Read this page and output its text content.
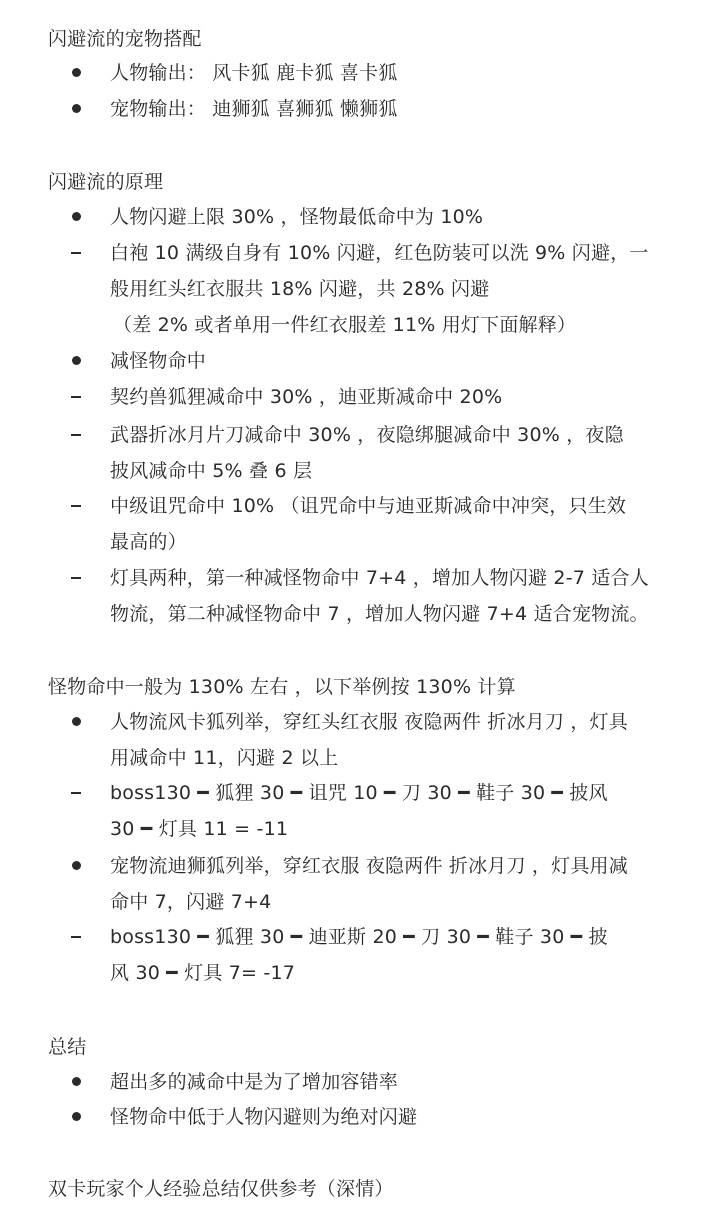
闪避流的宠物搭配
人物输出： 风卡狐 鹿卡狐 喜卡狐
宠物输出： 迪狮狐 喜狮狐 懒狮狐
闪避流的原理
人物闪避上限 30% ，怪物最低命中为 10%
白袍 10 满级自身有 10% 闪避，红色防装可以洗 9% 闪避，一
般用红头红衣服共 18% 闪避，共 28% 闪避
（差 2% 或者单用一件红衣服差 11% 用灯下面解释）
减怪物命中
契约兽狐狸减命中 30% ，迪亚斯减命中 20%
武器折冰月片刀减命中 30% ，夜隐绑腿减命中 30% ，夜隐
披风减命中 5% 叠 6 层
中级诅咒命中 10% （诅咒命中与迪亚斯减命中冲突，只生效
最高的）
灯具两种，第一种减怪物命中 7+4 ，增加人物闪避 2-7 适合人
物流，第二种减怪物命中 7 ，增加人物闪避 7+4 适合宠物流。
怪物命中一般为 130% 左右 ，以下举例按 130% 计算
人物流风卡狐列举，穿红头红衣服 夜隐两件 折冰月刀 ，灯具
用减命中 11，闪避 2 以上
boss130 ━ 狐狸 30 ━ 诅咒 10 ━ 刀 30 ━ 鞋子 30 ━ 披风
30 ━ 灯具 11 = -11
宠物流迪狮狐列举，穿红衣服 夜隐两件 折冰月刀 ，灯具用减
命中 7，闪避 7+4
boss130 ━ 狐狸 30 ━ 迪亚斯 20 ━ 刀 30 ━ 鞋子 30 ━ 披
风 30 ━ 灯具 7= -17
总结
超出多的减命中是为了增加容错率
怪物命中低于人物闪避则为绝对闪避
双卡玩家个人经验总结仅供参考（深情）
